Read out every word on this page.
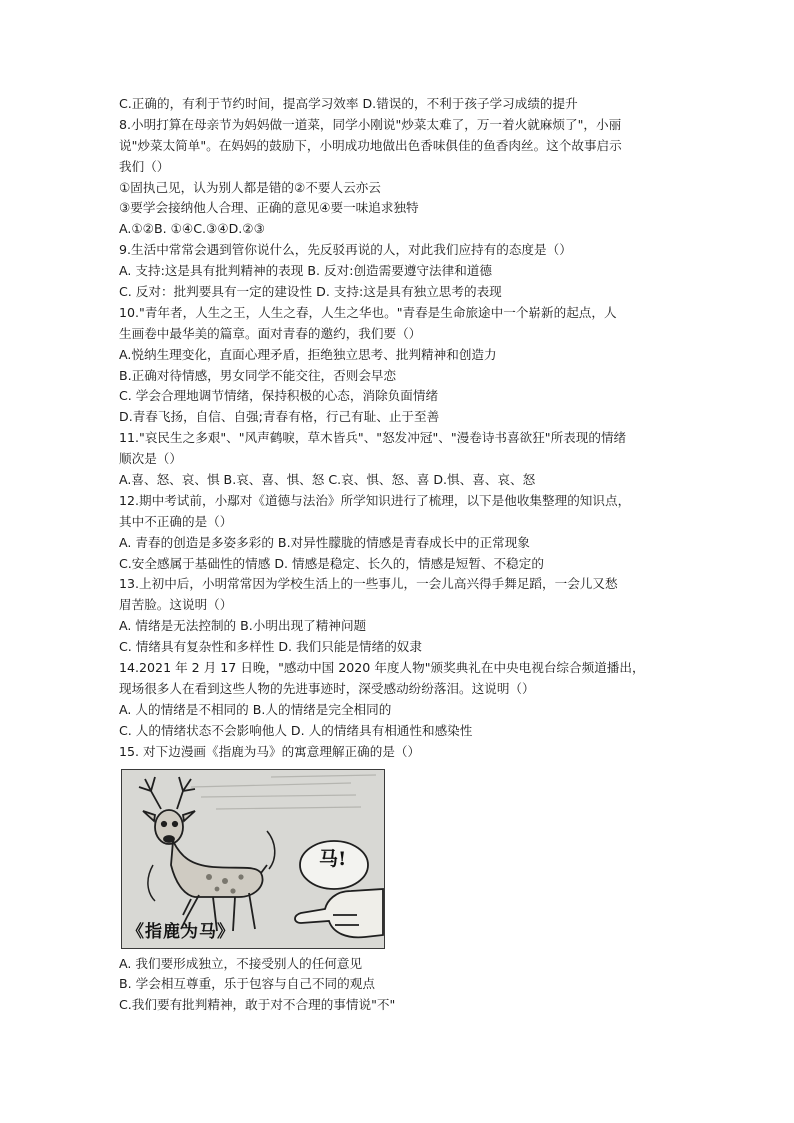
C.正确的，有利于节约时间，提高学习效率 D.错误的，不利于孩子学习成绩的提升
8.小明打算在母亲节为妈妈做一道菜，同学小刚说"炒菜太难了，万一着火就麻烦了"，小丽
说"炒菜太简单"。在妈妈的鼓励下，小明成功地做出色香味俱佳的鱼香肉丝。这个故事启示
我们（）
①固执己见，认为别人都是错的②不要人云亦云
③要学会接纳他人合理、正确的意见④要一味追求独特
A.①②B. ①④C.③④D.②③
9.生活中常常会遇到管你说什么，先反驳再说的人，对此我们应持有的态度是（）
A. 支持:这是具有批判精神的表现 B. 反对:创造需要遵守法律和道德
C. 反对：批判要具有一定的建设性 D. 支持:这是具有独立思考的表现
10."青年者，人生之王，人生之春，人生之华也。"青春是生命旅途中一个崭新的起点，人
生画卷中最华美的篇章。面对青春的邀约，我们要（）
A.悦纳生理变化，直面心理矛盾，拒绝独立思考、批判精神和创造力
B.正确对待情感，男女同学不能交往，否则会早恋
C. 学会合理地调节情绪，保持积极的心态，消除负面情绪
D.青春飞扬，自信、自强;青春有格，行己有耻、止于至善
11."哀民生之多艰"、"风声鹤唳，草木皆兵"、"怒发冲冠"、"漫卷诗书喜欲狂"所表现的情绪
顺次是（）
A.喜、怒、哀、惧 B.哀、喜、惧、怒 C.哀、惧、怒、喜 D.惧、喜、哀、怒
12.期中考试前，小鄢对《道德与法治》所学知识进行了梳理，以下是他收集整理的知识点，
其中不正确的是（）
A. 青春的创造是多姿多彩的 B.对异性朦胧的情感是青春成长中的正常现象
C.安全感属于基础性的情感 D. 情感是稳定、长久的，情感是短暂、不稳定的
13.上初中后，小明常常因为学校生活上的一些事儿，一会儿高兴得手舞足蹈，一会儿又愁
眉苦脸。这说明（）
A. 情绪是无法控制的 B.小明出现了精神问题
C. 情绪具有复杂性和多样性 D. 我们只能是情绪的奴隶
14.2021 年 2 月 17 日晚，"感动中国 2020 年度人物"颁奖典礼在中央电视台综合频道播出，
现场很多人在看到这些人物的先进事迹时，深受感动纷纷落泪。这说明（）
A. 人的情绪是不相同的 B.人的情绪是完全相同的
C. 人的情绪状态不会影响他人 D. 人的情绪具有相通性和感染性
15. 对下边漫画《指鹿为马》的寓意理解正确的是（）
马!
《指鹿为马》
A. 我们要形成独立，不接受别人的任何意见
B. 学会相互尊重，乐于包容与自己不同的观点
C.我们要有批判精神，敢于对不合理的事情说"不"
